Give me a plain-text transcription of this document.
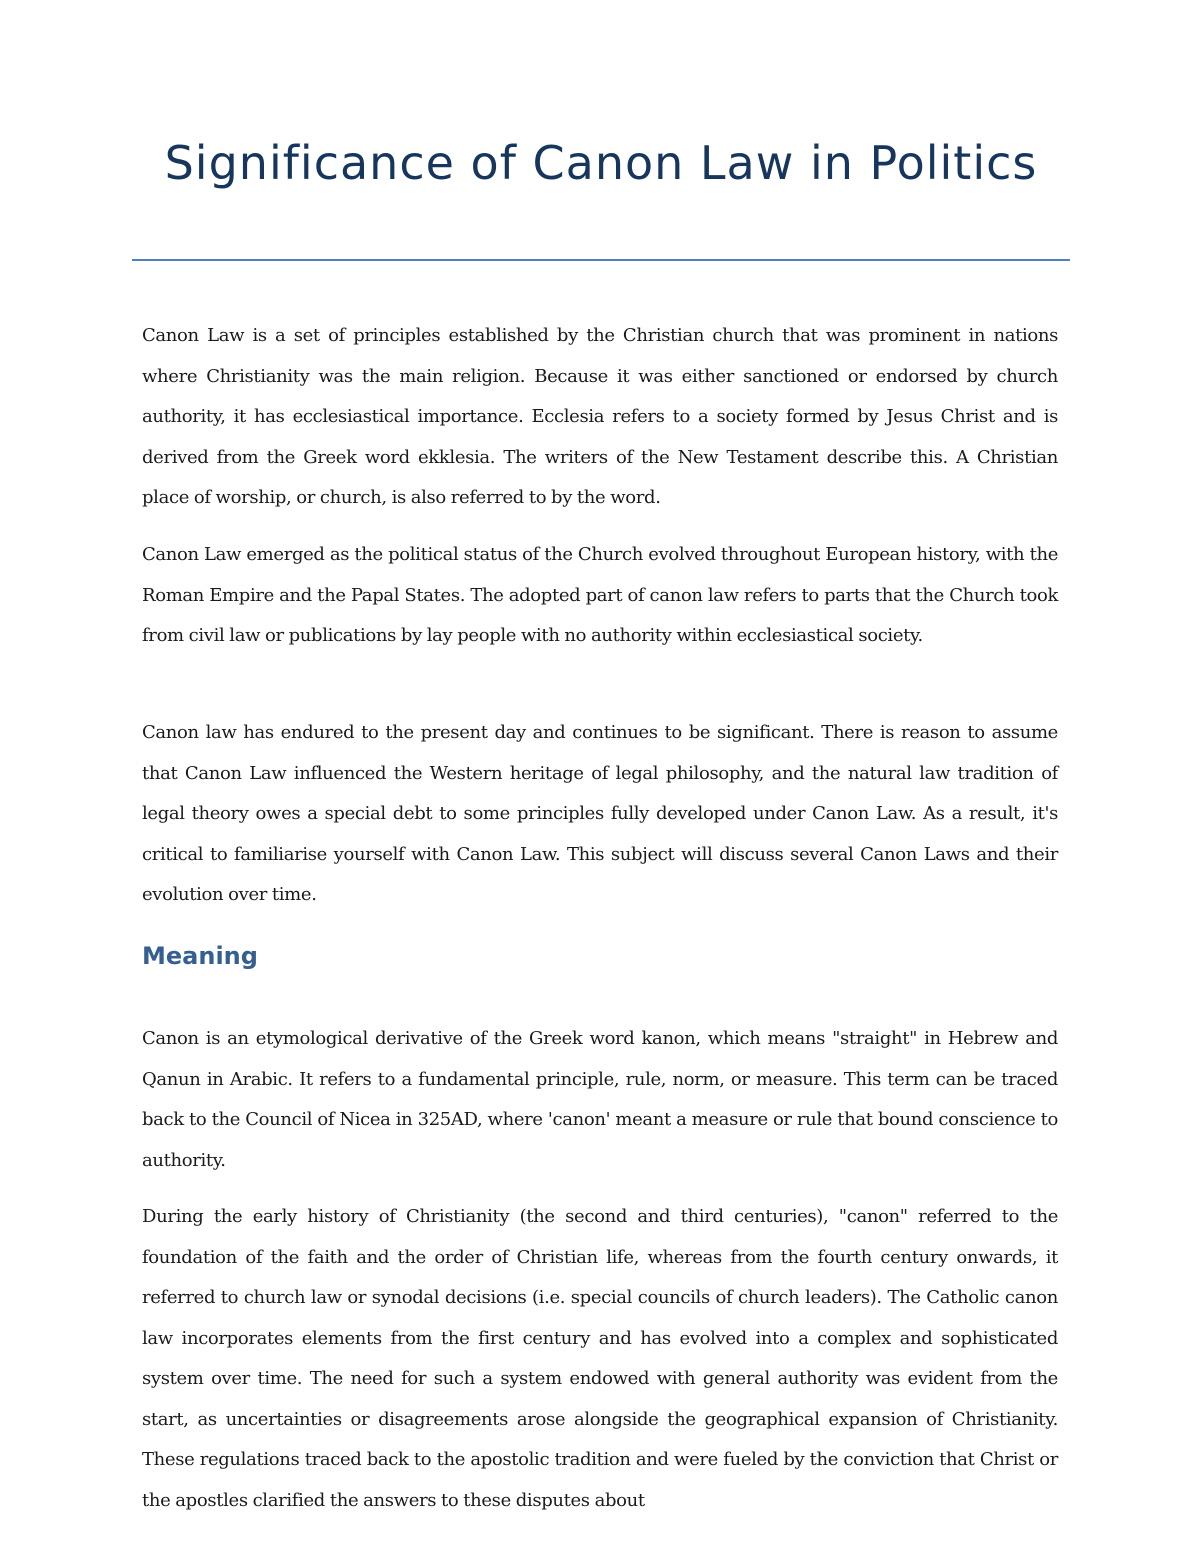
Significance of Canon Law in Politics

Canon Law is a set of principles established by the Christian church that was prominent in nations where Christianity was the main religion. Because it was either sanctioned or endorsed by church authority, it has ecclesiastical importance. Ecclesia refers to a society formed by Jesus Christ and is derived from the Greek word ekklesia. The writers of the New Testament describe this. A Christian place of worship, or church, is also referred to by the word.

Canon Law emerged as the political status of the Church evolved throughout European history, with the Roman Empire and the Papal States. The adopted part of canon law refers to parts that the Church took from civil law or publications by lay people with no authority within ecclesiastical society.

Canon law has endured to the present day and continues to be significant. There is reason to assume that Canon Law influenced the Western heritage of legal philosophy, and the natural law tradition of legal theory owes a special debt to some principles fully developed under Canon Law. As a result, it's critical to familiarise yourself with Canon Law. This subject will discuss several Canon Laws and their evolution over time.

Meaning

Canon is an etymological derivative of the Greek word kanon, which means "straight" in Hebrew and Qanun in Arabic. It refers to a fundamental principle, rule, norm, or measure. This term can be traced back to the Council of Nicea in 325AD, where 'canon' meant a measure or rule that bound conscience to authority.

During the early history of Christianity (the second and third centuries), "canon" referred to the foundation of the faith and the order of Christian life, whereas from the fourth century onwards, it referred to church law or synodal decisions (i.e. special councils of church leaders). The Catholic canon law incorporates elements from the first century and has evolved into a complex and sophisticated system over time. The need for such a system endowed with general authority was evident from the start, as uncertainties or disagreements arose alongside the geographical expansion of Christianity. These regulations traced back to the apostolic tradition and were fueled by the conviction that Christ or the apostles clarified the answers to these disputes about
